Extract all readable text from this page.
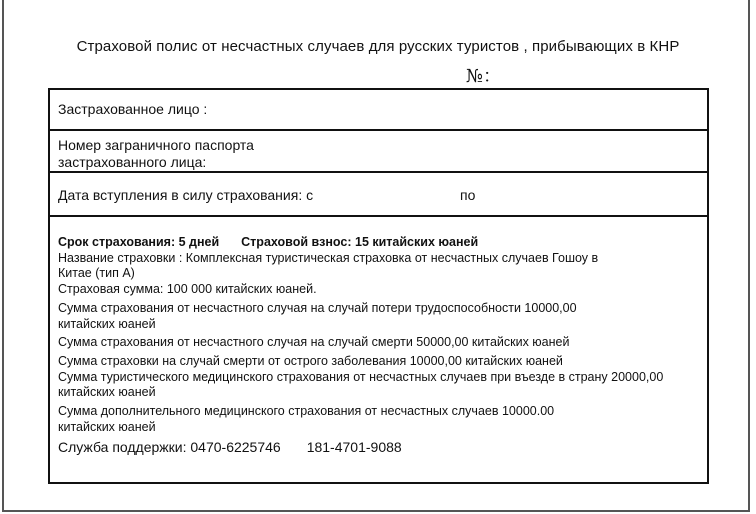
Страховой полис от несчастных случаев для русских туристов , прибывающих в КНР
№：
Застрахованное лицо :
Номер заграничного паспорта
застрахованного лица:
Дата вступления в силу страхования: с	по
Срок страхования: 5 дней Страховой взнос: 15 китайских юаней
Название страховки : Комплексная туристическая страховка от несчастных случаев Гошоу в
Китае (тип А)
Страховая сумма: 100 000 китайских юаней.
Сумма страхования от несчастного случая на случай потери трудоспособности 10000,00
китайских юаней
Сумма страхования от несчастного случая на случай смерти 50000,00 китайских юаней
Сумма страховки на случай смерти от острого заболевания 10000,00 китайских юаней
Сумма туристического медицинского страхования от несчастных случаев при въезде в страну 20000,00
китайских юаней
Сумма дополнительного медицинского страхования от несчастных случаев 10000.00
китайских юаней
Служба поддержки: 0470-6225746 181-4701-9088
